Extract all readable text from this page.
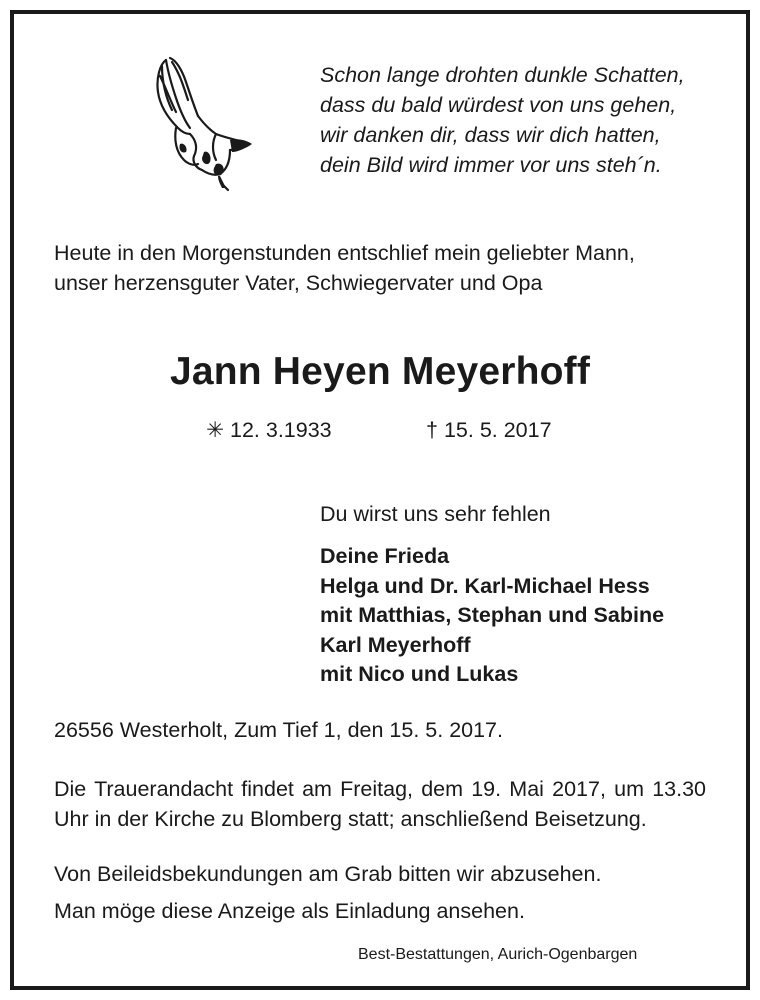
Schon lange drohten dunkle Schatten,
dass du bald würdest von uns gehen,
wir danken dir, dass wir dich hatten,
dein Bild wird immer vor uns steh´n.
Heute in den Morgenstunden entschlief mein geliebter Mann,
unser herzensguter Vater, Schwiegervater und Opa
Jann Heyen Meyerhoff
✳ 12. 3.1933	† 15. 5. 2017
Du wirst uns sehr fehlen
Deine Frieda
Helga und Dr. Karl-Michael Hess
mit Matthias, Stephan und Sabine
Karl Meyerhoff
mit Nico und Lukas
26556 Westerholt, Zum Tief 1, den 15. 5. 2017.
Die Trauerandacht findet am Freitag, dem 19. Mai 2017, um 13.30 Uhr in der Kirche zu Blomberg statt; anschließend Beisetzung.
Von Beileidsbekundungen am Grab bitten wir abzusehen.
Man möge diese Anzeige als Einladung ansehen.
Best-Bestattungen, Aurich-Ogenbargen
